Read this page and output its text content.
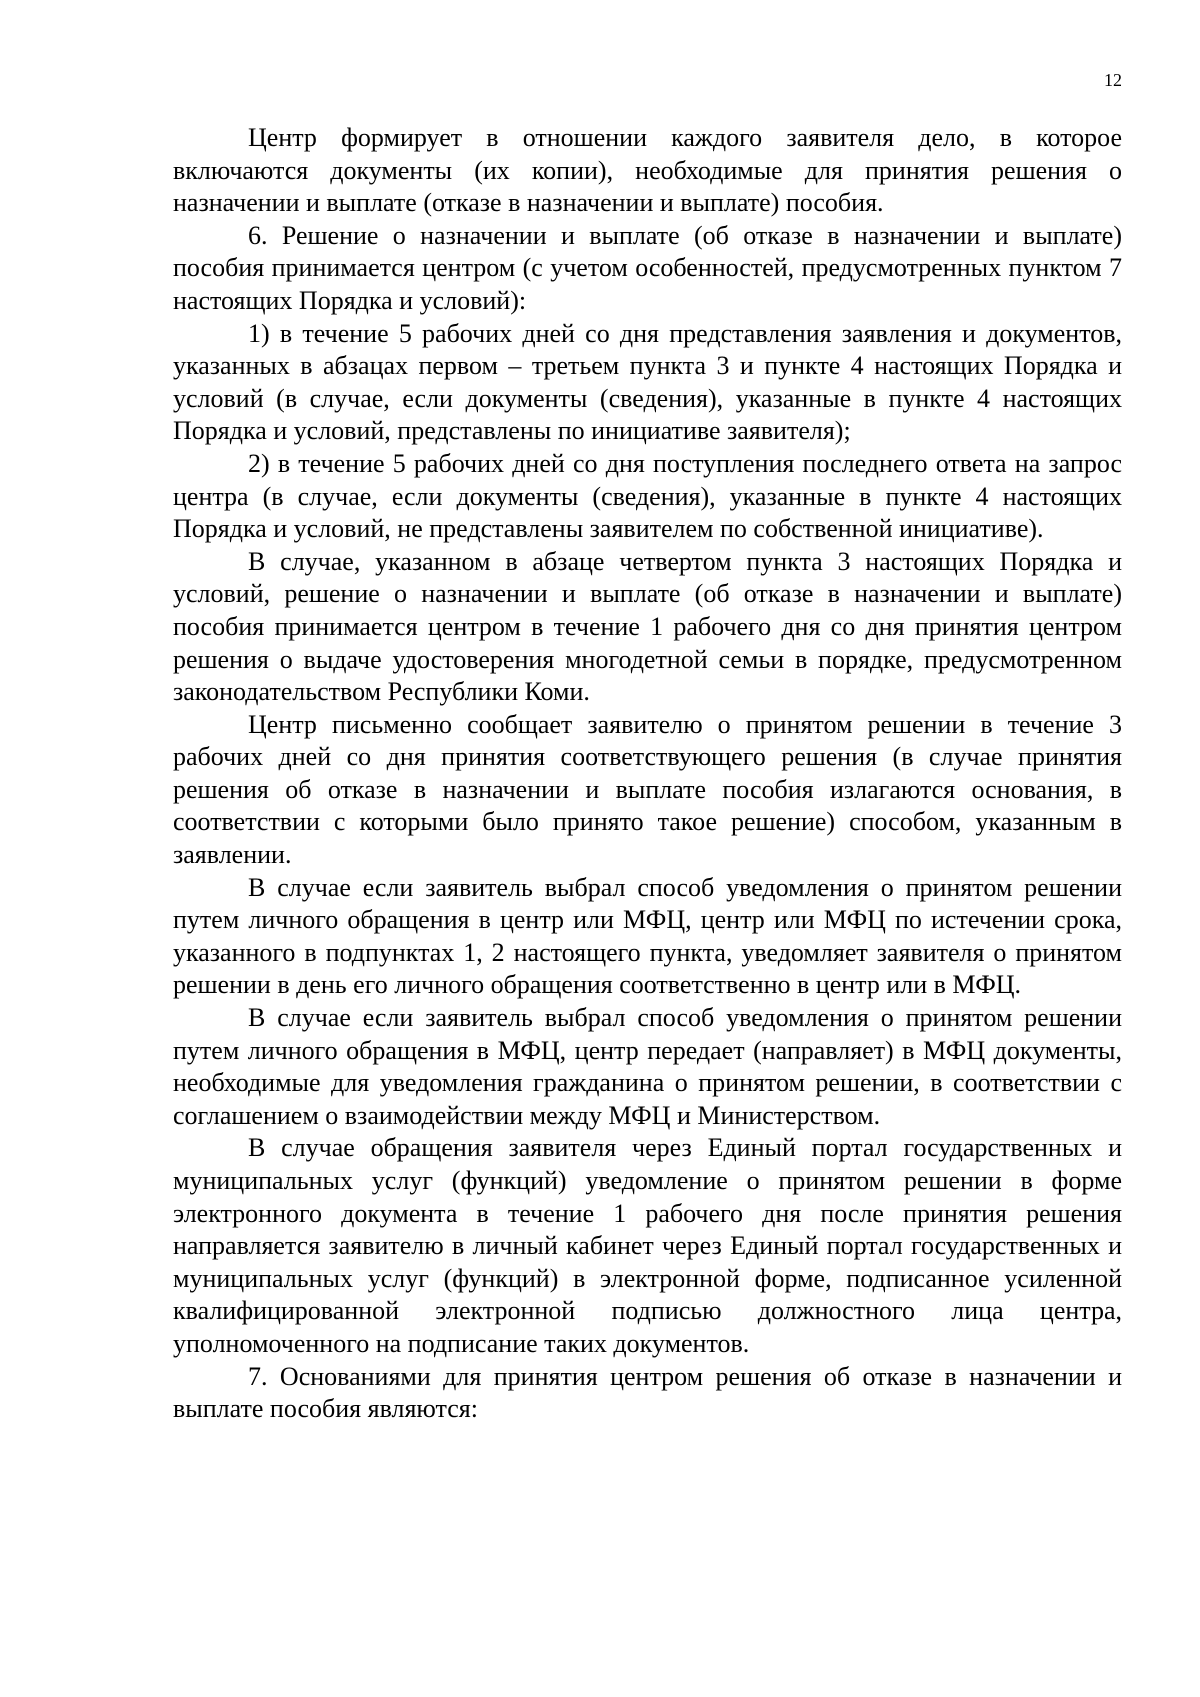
12

Центр формирует в отношении каждого заявителя дело, в которое включаются документы (их копии), необходимые для принятия решения о назначении и выплате (отказе в назначении и выплате) пособия.

6. Решение о назначении и выплате (об отказе в назначении и выплате) пособия принимается центром (с учетом особенностей, предусмотренных пунктом 7 настоящих Порядка и условий):

1) в течение 5 рабочих дней со дня представления заявления и документов, указанных в абзацах первом – третьем пункта 3 и пункте 4 настоящих Порядка и условий (в случае, если документы (сведения), указанные в пункте 4 настоящих Порядка и условий, представлены по инициативе заявителя);

2) в течение 5 рабочих дней со дня поступления последнего ответа на запрос центра (в случае, если документы (сведения), указанные в пункте 4 настоящих Порядка и условий, не представлены заявителем по собственной инициативе).

В случае, указанном в абзаце четвертом пункта 3 настоящих Порядка и условий, решение о назначении и выплате (об отказе в назначении и выплате) пособия принимается центром в течение 1 рабочего дня со дня принятия центром решения о выдаче удостоверения многодетной семьи в порядке, предусмотренном законодательством Республики Коми.

Центр письменно сообщает заявителю о принятом решении в течение 3 рабочих дней со дня принятия соответствующего решения (в случае принятия решения об отказе в назначении и выплате пособия излагаются основания, в соответствии с которыми было принято такое решение) способом, указанным в заявлении.

В случае если заявитель выбрал способ уведомления о принятом решении путем личного обращения в центр или МФЦ, центр или МФЦ по истечении срока, указанного в подпунктах 1, 2 настоящего пункта, уведомляет заявителя о принятом решении в день его личного обращения соответственно в центр или в МФЦ.

В случае если заявитель выбрал способ уведомления о принятом решении путем личного обращения в МФЦ, центр передает (направляет) в МФЦ документы, необходимые для уведомления гражданина о принятом решении, в соответствии с соглашением о взаимодействии между МФЦ и Министерством.

В случае обращения заявителя через Единый портал государственных и муниципальных услуг (функций) уведомление о принятом решении в форме электронного документа в течение 1 рабочего дня после принятия решения направляется заявителю в личный кабинет через Единый портал государственных и муниципальных услуг (функций) в электронной форме, подписанное усиленной квалифицированной электронной подписью должностного лица центра, уполномоченного на подписание таких документов.

7. Основаниями для принятия центром решения об отказе в назначении и выплате пособия являются:
